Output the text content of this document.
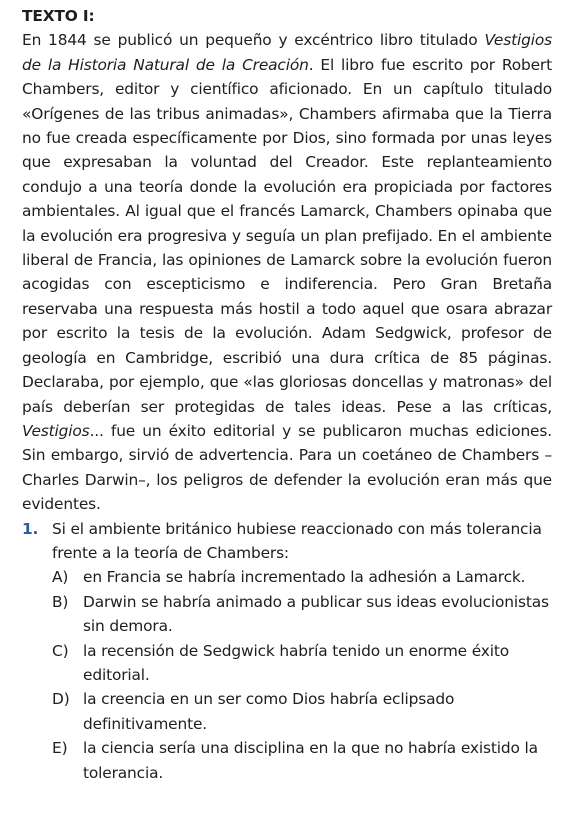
TEXTO I:

En 1844 se publicó un pequeño y excéntrico libro titulado Vestigios de la Historia Natural de la Creación. El libro fue escrito por Robert Chambers, editor y científico aficionado. En un capítulo titulado «Orígenes de las tribus animadas», Chambers afirmaba que la Tierra no fue creada específicamente por Dios, sino formada por unas leyes que expresaban la voluntad del Creador. Este replanteamiento condujo a una teoría donde la evolución era propiciada por factores ambientales. Al igual que el francés Lamarck, Chambers opinaba que la evolución era progresiva y seguía un plan prefijado. En el ambiente liberal de Francia, las opiniones de Lamarck sobre la evolución fueron acogidas con escepticismo e indiferencia. Pero Gran Bretaña reservaba una respuesta más hostil a todo aquel que osara abrazar por escrito la tesis de la evolución. Adam Sedgwick, profesor de geología en Cambridge, escribió una dura crítica de 85 páginas. Declaraba, por ejemplo, que «las gloriosas doncellas y matronas» del país deberían ser protegidas de tales ideas. Pese a las críticas, Vestigios... fue un éxito editorial y se publicaron muchas ediciones. Sin embargo, sirvió de advertencia. Para un coetáneo de Chambers –Charles Darwin–, los peligros de defender la evolución eran más que evidentes.

1. Si el ambiente británico hubiese reaccionado con más tolerancia frente a la teoría de Chambers:
A) en Francia se habría incrementado la adhesión a Lamarck.
B) Darwin se habría animado a publicar sus ideas evolucionistas sin demora.
C) la recensión de Sedgwick habría tenido un enorme éxito editorial.
D) la creencia en un ser como Dios habría eclipsado definitivamente.
E) la ciencia sería una disciplina en la que no habría existido la tolerancia.
